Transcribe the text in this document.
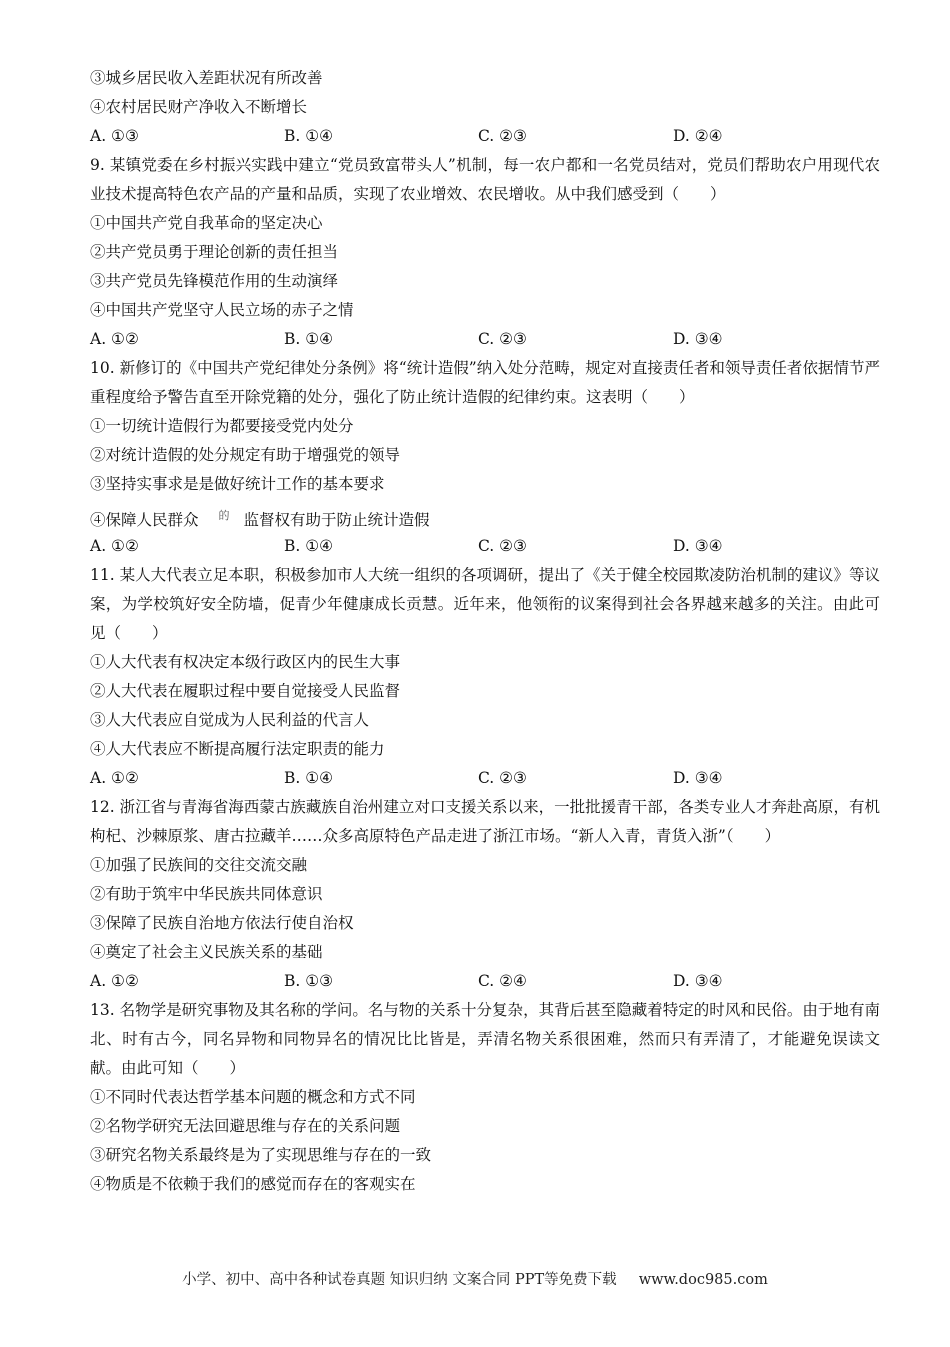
③城乡居民收入差距状况有所改善
④农村居民财产净收入不断增长
A. ①③	B. ①④	C. ②③	D. ②④
9. 某镇党委在乡村振兴实践中建立“党员致富带头人”机制，每一农户都和一名党员结对，党员们帮助农户用现代农业技术提高特色农产品的产量和品质，实现了农业增效、农民增收。从中我们感受到（　　）
①中国共产党自我革命的坚定决心
②共产党员勇于理论创新的责任担当
③共产党员先锋模范作用的生动演绎
④中国共产党坚守人民立场的赤子之情
A. ①②	B. ①④	C. ②③	D. ③④
10. 新修订的《中国共产党纪律处分条例》将“统计造假”纳入处分范畴，规定对直接责任者和领导责任者依据情节严重程度给予警告直至开除党籍的处分，强化了防止统计造假的纪律约束。这表明（　　）
①一切统计造假行为都要接受党内处分
②对统计造假的处分规定有助于增强党的领导
③坚持实事求是是做好统计工作的基本要求
④保障人民群众 $^的$ 监督权有助于防止统计造假
A. ①②	B. ①④	C. ②③	D. ③④
11. 某人大代表立足本职，积极参加市人大统一组织的各项调研，提出了《关于健全校园欺凌防治机制的建议》等议案，为学校筑好安全防墙，促青少年健康成长贡慧。近年来，他领衔的议案得到社会各界越来越多的关注。由此可见（　　）
①人大代表有权决定本级行政区内的民生大事
②人大代表在履职过程中要自觉接受人民监督
③人大代表应自觉成为人民利益的代言人
④人大代表应不断提高履行法定职责的能力
A. ①②	B. ①④	C. ②③	D. ③④
12. 浙江省与青海省海西蒙古族藏族自治州建立对口支援关系以来，一批批援青干部，各类专业人才奔赴高原，有机枸杞、沙棘原浆、唐古拉藏羊……众多高原特色产品走进了浙江市场。“新人入青，青货入浙”（　　）
①加强了民族间的交往交流交融
②有助于筑牢中华民族共同体意识
③保障了民族自治地方依法行使自治权
④奠定了社会主义民族关系的基础
A. ①②	B. ①③	C. ②④	D. ③④
13. 名物学是研究事物及其名称的学问。名与物的关系十分复杂，其背后甚至隐藏着特定的时风和民俗。由于地有南北、时有古今，同名异物和同物异名的情况比比皆是，弄清名物关系很困难，然而只有弄清了，才能避免误读文献。由此可知（　　）
①不同时代表达哲学基本问题的概念和方式不同
②名物学研究无法回避思维与存在的关系问题
③研究名物关系最终是为了实现思维与存在的一致
④物质是不依赖于我们的感觉而存在的客观实在
小学、初中、高中各种试卷真题 知识归纳 文案合同 PPT等免费下载 www.doc985.com
